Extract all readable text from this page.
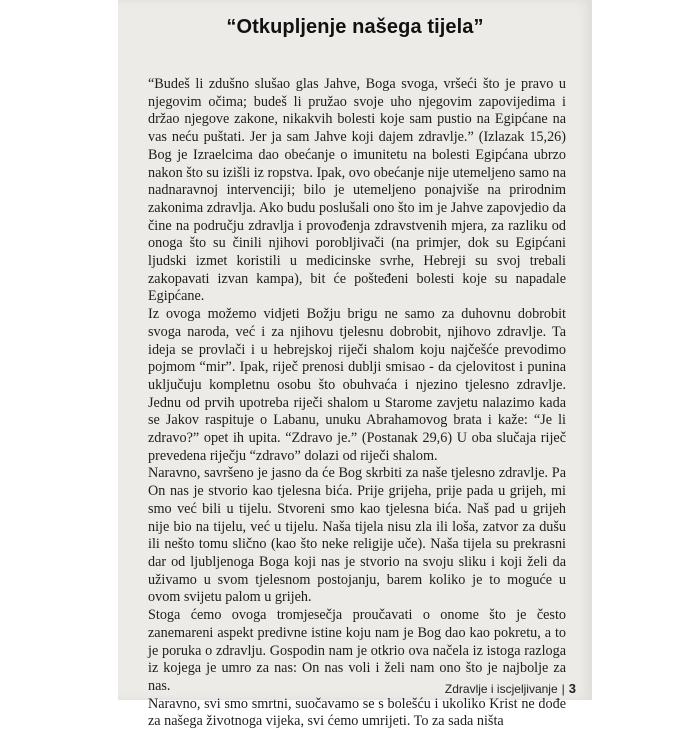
“Otkupljenje našega tijela”

“Budeš li zdušno slušao glas Jahve, Boga svoga, vršeći što je pravo u njegovim očima; budeš li pružao svoje uho njegovim zapovijedima i držao njegove zakone, nikakvih bolesti koje sam pustio na Egipćane na vas neću puštati. Jer ja sam Jahve koji dajem zdravlje.” (Izlazak 15,26) Bog je Izraelcima dao obećanje o imunitetu na bolesti Egipćana ubrzo nakon što su izišli iz ropstva. Ipak, ovo obećanje nije utemeljeno samo na nadnaravnoj intervenciji; bilo je utemeljeno ponajviše na prirodnim zakonima zdravlja. Ako budu poslušali ono što im je Jahve zapovjedio da čine na području zdravlja i provođenja zdravstvenih mjera, za razliku od onoga što su činili njihovi porobljivači (na primjer, dok su Egipćani ljudski izmet koristili u medicinske svrhe, Hebreji su svoj trebali zakopavati izvan kampa), bit će pošteđeni bolesti koje su napadale Egipćane.

Iz ovoga možemo vidjeti Božju brigu ne samo za duhovnu dobrobit svoga naroda, već i za njihovu tjelesnu dobrobit, njihovo zdravlje. Ta ideja se provlači i u hebrejskoj riječi shalom koju najčešće prevodimo pojmom “mir”. Ipak, riječ prenosi dublji smisao - da cjelovitost i punina uključuju kompletnu osobu što obuhvaća i njezino tjelesno zdravlje. Jednu od prvih upotreba riječi shalom u Starome zavjetu nalazimo kada se Jakov raspituje o Labanu, unuku Abrahamovog brata i kaže: “Je li zdravo?” opet ih upita. “Zdravo je.” (Postanak 29,6) U oba slučaja riječ prevedena riječju “zdravo” dolazi od riječi shalom.

Naravno, savršeno je jasno da će Bog skrbiti za naše tjelesno zdravlje. Pa On nas je stvorio kao tjelesna bića. Prije grijeha, prije pada u grijeh, mi smo već bili u tijelu. Stvoreni smo kao tjelesna bića. Naš pad u grijeh nije bio na tijelu, već u tijelu. Naša tijela nisu zla ili loša, zatvor za dušu ili nešto tomu slično (kao što neke religije uče). Naša tijela su prekrasni dar od ljubljenoga Boga koji nas je stvorio na svoju sliku i koji želi da uživamo u svom tjelesnom postojanju, barem koliko je to moguće u ovom svijetu palom u grijeh.

Stoga ćemo ovoga tromjesečja proučavati o onome što je često zanemareni aspekt predivne istine koju nam je Bog dao kao pokretu, a to je poruka o zdravlju. Gospodin nam je otkrio ova načela iz istoga razloga iz kojega je umro za nas: On nas voli i želi nam ono što je najbolje za nas.

Naravno, svi smo smrtni, suočavamo se s bolešću i ukoliko Krist ne dođe za našega životnoga vijeka, svi ćemo umrijeti. To za sada ništa

Zdravlje i iscjeljivanje | 3
